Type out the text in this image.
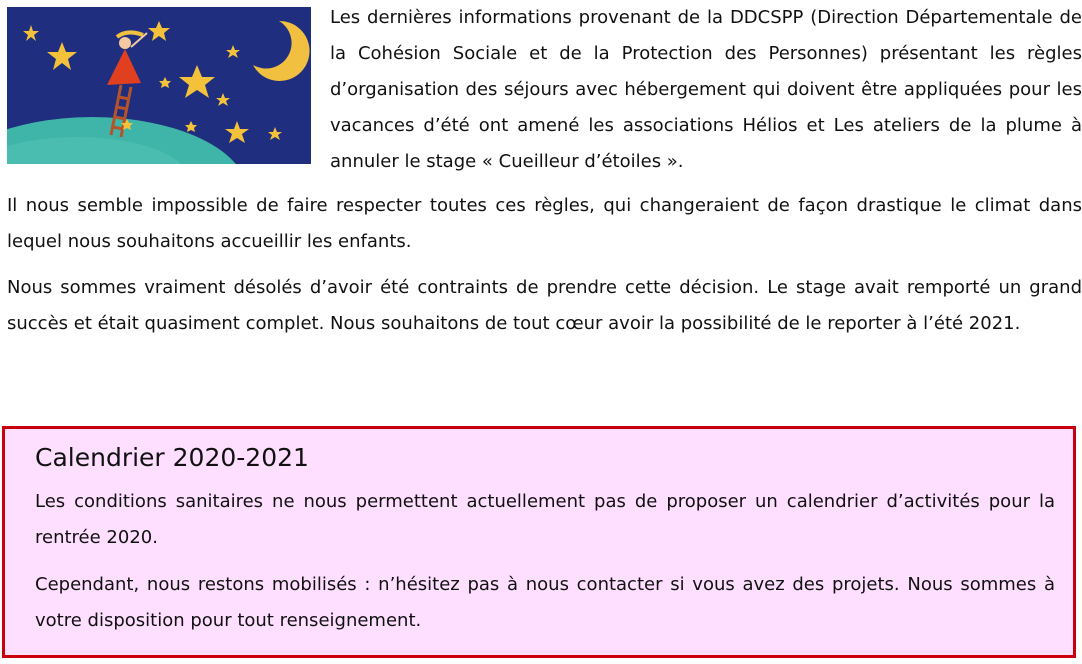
Les dernières informations provenant de la DDCSPP (Direction Départementale de la Cohésion Sociale et de la Protection des Personnes) présentant les règles d’organisation des séjours avec hébergement qui doivent être appliquées pour les vacances d’été ont amené les associations Hélios et Les ateliers de la plume à annuler le stage « Cueilleur d’étoiles ».

Il nous semble impossible de faire respecter toutes ces règles, qui changeraient de façon drastique le climat dans lequel nous souhaitons accueillir les enfants.

Nous sommes vraiment désolés d’avoir été contraints de prendre cette décision. Le stage avait remporté un grand succès et était quasiment complet. Nous souhaitons de tout cœur avoir la possibilité de le reporter à l’été 2021.

Calendrier 2020-2021

Les conditions sanitaires ne nous permettent actuellement pas de proposer un calendrier d’activités pour la rentrée 2020.

Cependant, nous restons mobilisés : n’hésitez pas à nous contacter si vous avez des projets. Nous sommes à votre disposition pour tout renseignement.
